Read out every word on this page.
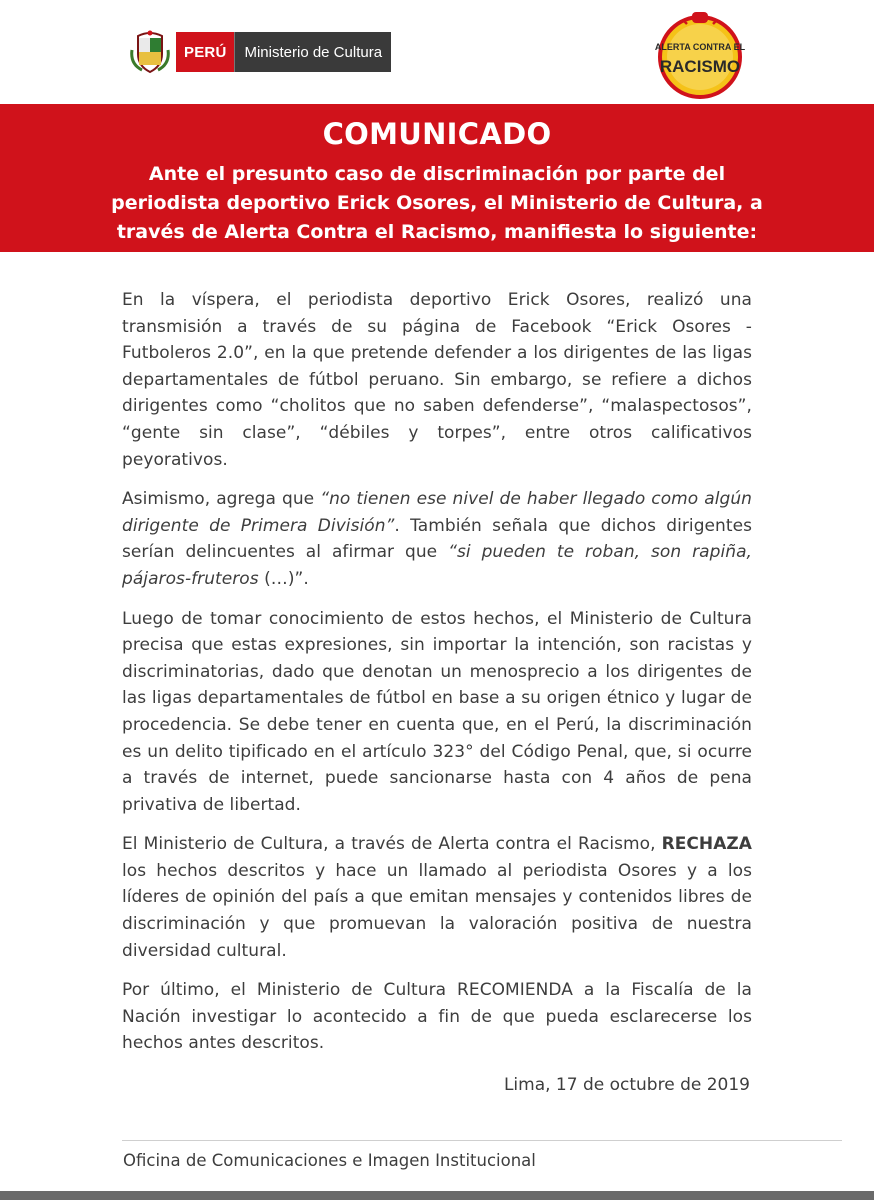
PERÚ	Ministerio de Cultura	ALERTA CONTRA EL
RACISMO
COMUNICADO
Ante el presunto caso de discriminación por parte del periodista deportivo Erick Osores, el Ministerio de Cultura, a través de Alerta Contra el Racismo, manifiesta lo siguiente:

En la víspera, el periodista deportivo Erick Osores, realizó una transmisión a través de su página de Facebook “Erick Osores - Futboleros 2.0”, en la que pretende defender a los dirigentes de las ligas departamentales de fútbol peruano. Sin embargo, se refiere a dichos dirigentes como “cholitos que no saben defenderse”, “malaspectosos”, “gente sin clase”, “débiles y torpes”, entre otros calificativos peyorativos.

Asimismo, agrega que “no tienen ese nivel de haber llegado como algún dirigente de Primera División”. También señala que dichos dirigentes serían delincuentes al afirmar que “si pueden te roban, son rapiña, pájaros-fruteros (…)”.

Luego de tomar conocimiento de estos hechos, el Ministerio de Cultura precisa que estas expresiones, sin importar la intención, son racistas y discriminatorias, dado que denotan un menosprecio a los dirigentes de las ligas departamentales de fútbol en base a su origen étnico y lugar de procedencia. Se debe tener en cuenta que, en el Perú, la discriminación es un delito tipificado en el artículo 323° del Código Penal, que, si ocurre a través de internet, puede sancionarse hasta con 4 años de pena privativa de libertad.

El Ministerio de Cultura, a través de Alerta contra el Racismo, RECHAZA los hechos descritos y hace un llamado al periodista Osores y a los líderes de opinión del país a que emitan mensajes y contenidos libres de discriminación y que promuevan la valoración positiva de nuestra diversidad cultural.

Por último, el Ministerio de Cultura RECOMIENDA a la Fiscalía de la Nación investigar lo acontecido a fin de que pueda esclarecerse los hechos antes descritos.

Lima, 17 de octubre de 2019
Oficina de Comunicaciones e Imagen Institucional
